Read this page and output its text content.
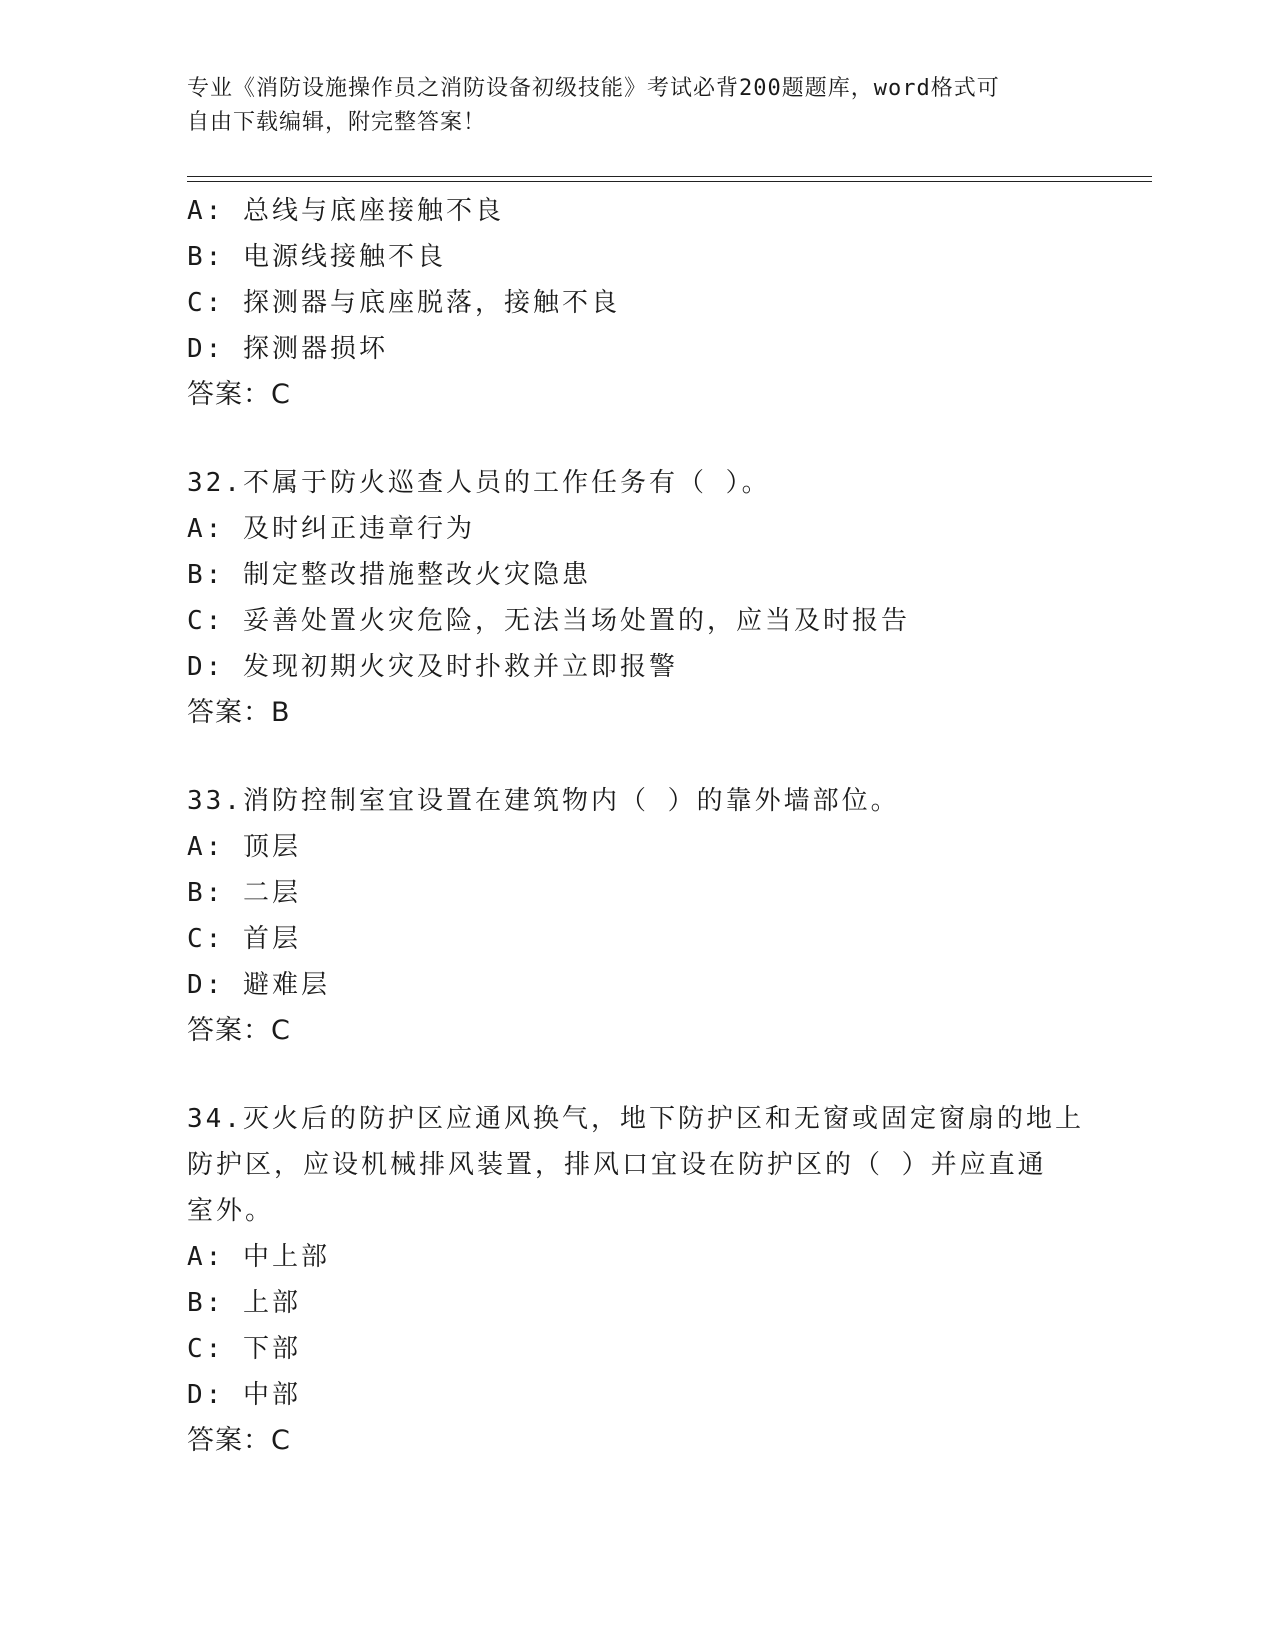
专业《消防设施操作员之消防设备初级技能》考试必背200题题库，word格式可
自由下载编辑，附完整答案！
A: 总线与底座接触不良
B: 电源线接触不良
C: 探测器与底座脱落，接触不良
D: 探测器损坏
答案：C
32.不属于防火巡查人员的工作任务有（ ）。
A: 及时纠正违章行为
B: 制定整改措施整改火灾隐患
C: 妥善处置火灾危险，无法当场处置的，应当及时报告
D: 发现初期火灾及时扑救并立即报警
答案：B
33.消防控制室宜设置在建筑物内（ ）的靠外墙部位。
A: 顶层
B: 二层
C: 首层
D: 避难层
答案：C
34.灭火后的防护区应通风换气，地下防护区和无窗或固定窗扇的地上
防护区，应设机械排风装置，排风口宜设在防护区的（ ）并应直通
室外。
A: 中上部
B: 上部
C: 下部
D: 中部
答案：C
